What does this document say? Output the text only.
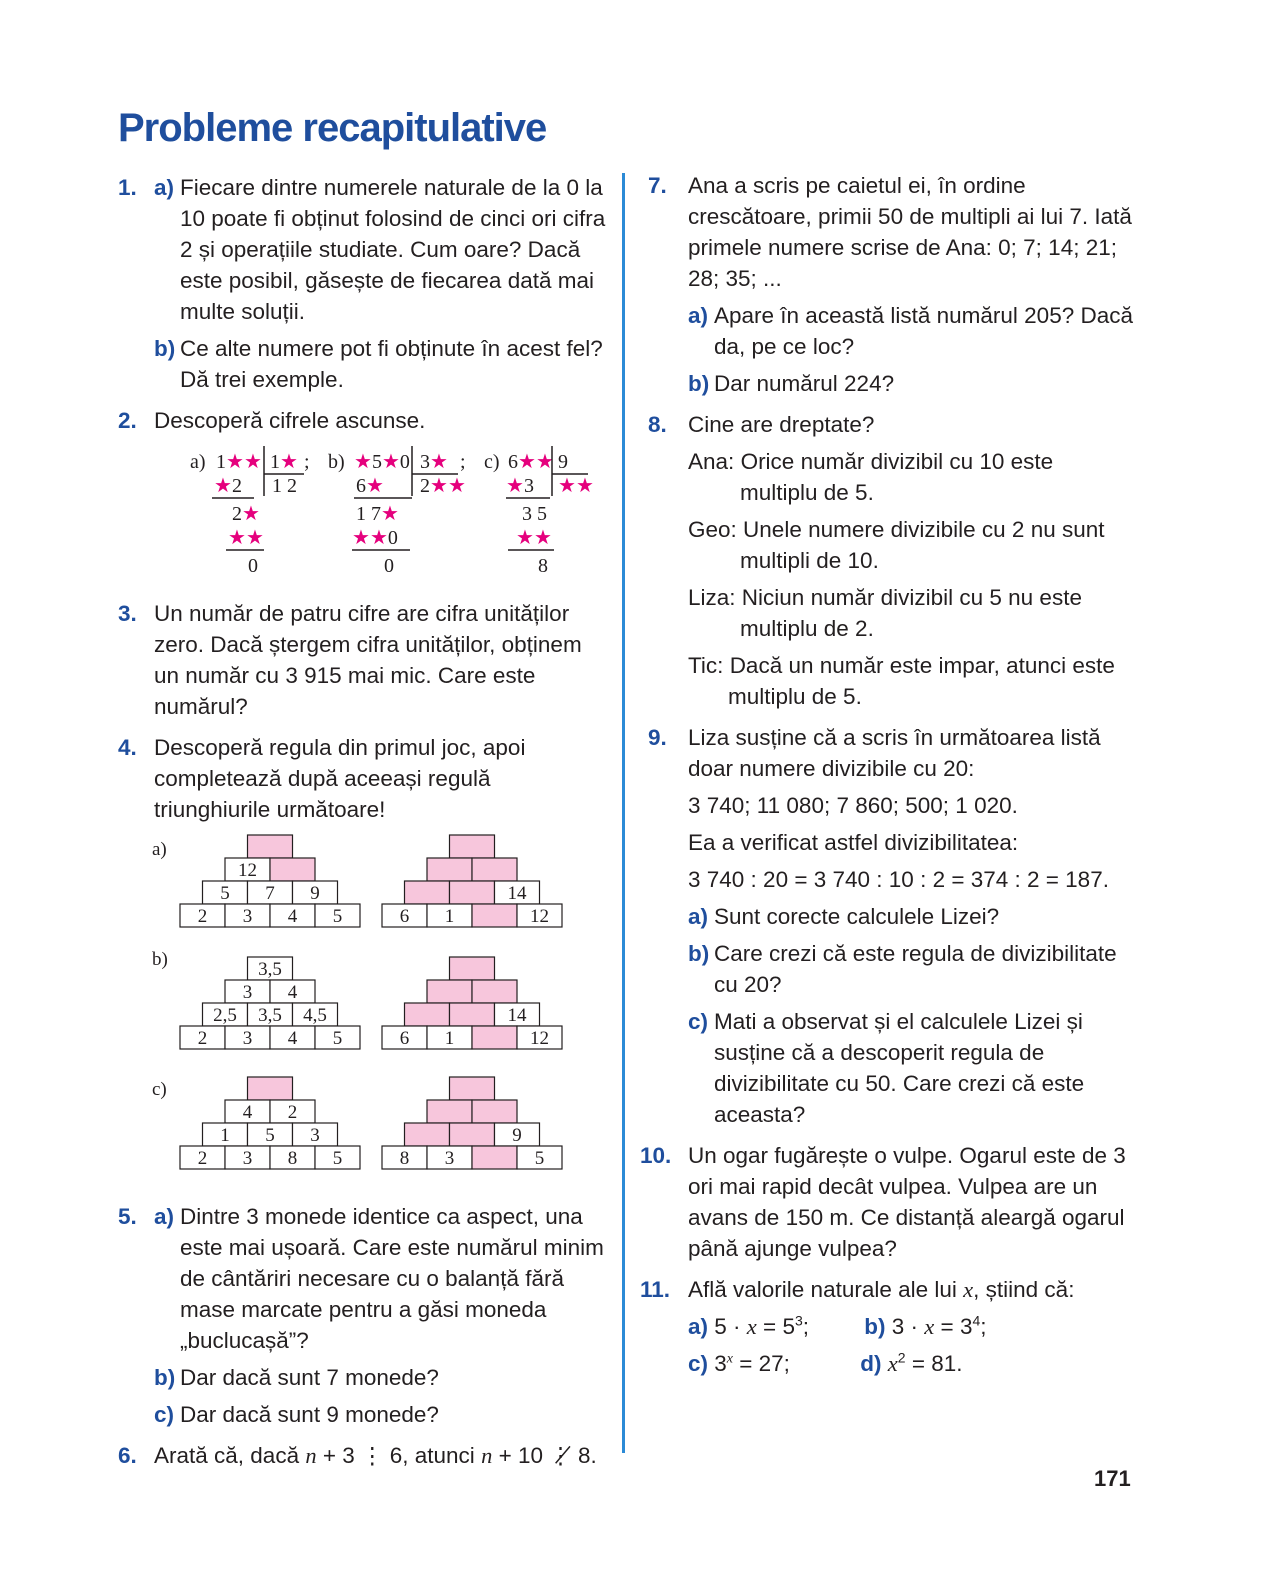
Probleme recapitulative
1. a) Fiecare dintre numerele naturale de la 0 la 10 poate fi obținut folosind de cinci ori cifra 2 și operațiile studiate. Cum oare? Dacă este posibil, găsește de fiecarea dată mai multe soluții.
b) Ce alte numere pot fi obținute în acest fel? Dă trei exemple.
2. Descoperă cifrele ascunse.
a) 1★★ 1★ ;
★2 1 2
2★
★★
0
b) ★5★0 3★ ;
6★ 2★★
1 7★
★★0
0
c) 6★★ 9
★3 ★★
3 5
★★
8
3. Un număr de patru cifre are cifra unităților zero. Dacă ștergem cifra unităților, obținem un număr cu 3 915 mai mic. Care este numărul?
4. Descoperă regula din primul joc, apoi completează după aceeași regulă triunghiurile următoare!
a)
b)
c)
12
5 7 9
2 3 4 5
14
6 1	12
3,5
3 4
2,5 3,5 4,5
2 3 4 5
14
6 1	12
4 2
1 5 3
2 3 8 5
9
8 3	5
5. a) Dintre 3 monede identice ca aspect, una este mai ușoară. Care este numărul minim de cântăriri necesare cu o balanță fără mase marcate pentru a găsi moneda „buclucașă”?
b) Dar dacă sunt 7 monede?
c) Dar dacă sunt 9 monede?
6. Arată că, dacă n + 3 ⋮ 6, atunci n + 10 ⋮̸ 8.
7. Ana a scris pe caietul ei, în ordine crescătoare, primii 50 de multipli ai lui 7. Iată primele numere scrise de Ana: 0; 7; 14; 21; 28; 35; ...
a) Apare în această listă numărul 205? Dacă da, pe ce loc?
b) Dar numărul 224?
8. Cine are dreptate?
Ana: Orice număr divizibil cu 10 este
multiplu de 5.
Geo: Unele numere divizibile cu 2 nu sunt
multipli de 10.
Liza: Niciun număr divizibil cu 5 nu este
multiplu de 2.
Tic: Dacă un număr este impar, atunci este
multiplu de 5.
9. Liza susține că a scris în următoarea listă doar numere divizibile cu 20:
3 740; 11 080; 7 860; 500; 1 020.
Ea a verificat astfel divizibilitatea:
3 740 : 20 = 3 740 : 10 : 2 = 374 : 2 = 187.
a) Sunt corecte calculele Lizei?
b) Care crezi că este regula de divizibilitate cu 20?
c) Mati a observat și el calculele Lizei și susține că a descoperit regula de divizibilitate cu 50. Care crezi că este aceasta?
10. Un ogar fugărește o vulpe. Ogarul este de 3 ori mai rapid decât vulpea. Vulpea are un avans de 150 m. Ce distanță aleargă ogarul până ajunge vulpea?
11. Află valorile naturale ale lui x, știind că:
a) $5 \cdot x = 5^3$; b) $3 \cdot x = 3^4$;
c) $3^x = 27$;	d) $x^2 = 81$.
171
